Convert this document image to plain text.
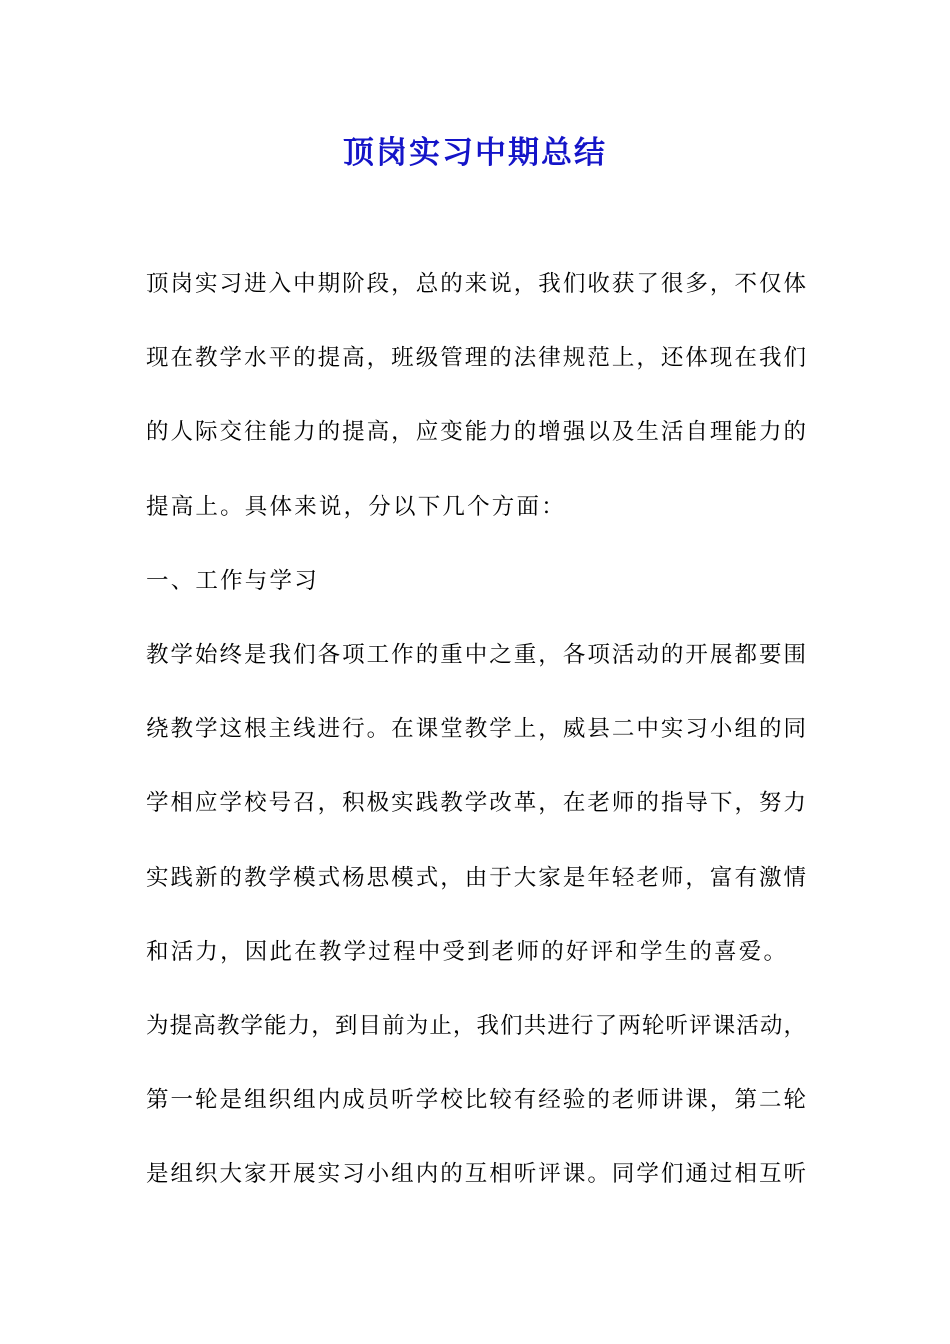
顶岗实习中期总结
顶岗实习进入中期阶段，总的来说，我们收获了很多，不仅体
现在教学水平的提高，班级管理的法律规范上，还体现在我们
的人际交往能力的提高，应变能力的增强以及生活自理能力的
提高上。具体来说，分以下几个方面：
一、工作与学习
教学始终是我们各项工作的重中之重，各项活动的开展都要围
绕教学这根主线进行。在课堂教学上，威县二中实习小组的同
学相应学校号召，积极实践教学改革，在老师的指导下，努力
实践新的教学模式杨思模式，由于大家是年轻老师，富有激情
和活力，因此在教学过程中受到老师的好评和学生的喜爱。
为提高教学能力，到目前为止，我们共进行了两轮听评课活动，
第一轮是组织组内成员听学校比较有经验的老师讲课，第二轮
是组织大家开展实习小组内的互相听评课。同学们通过相互听
